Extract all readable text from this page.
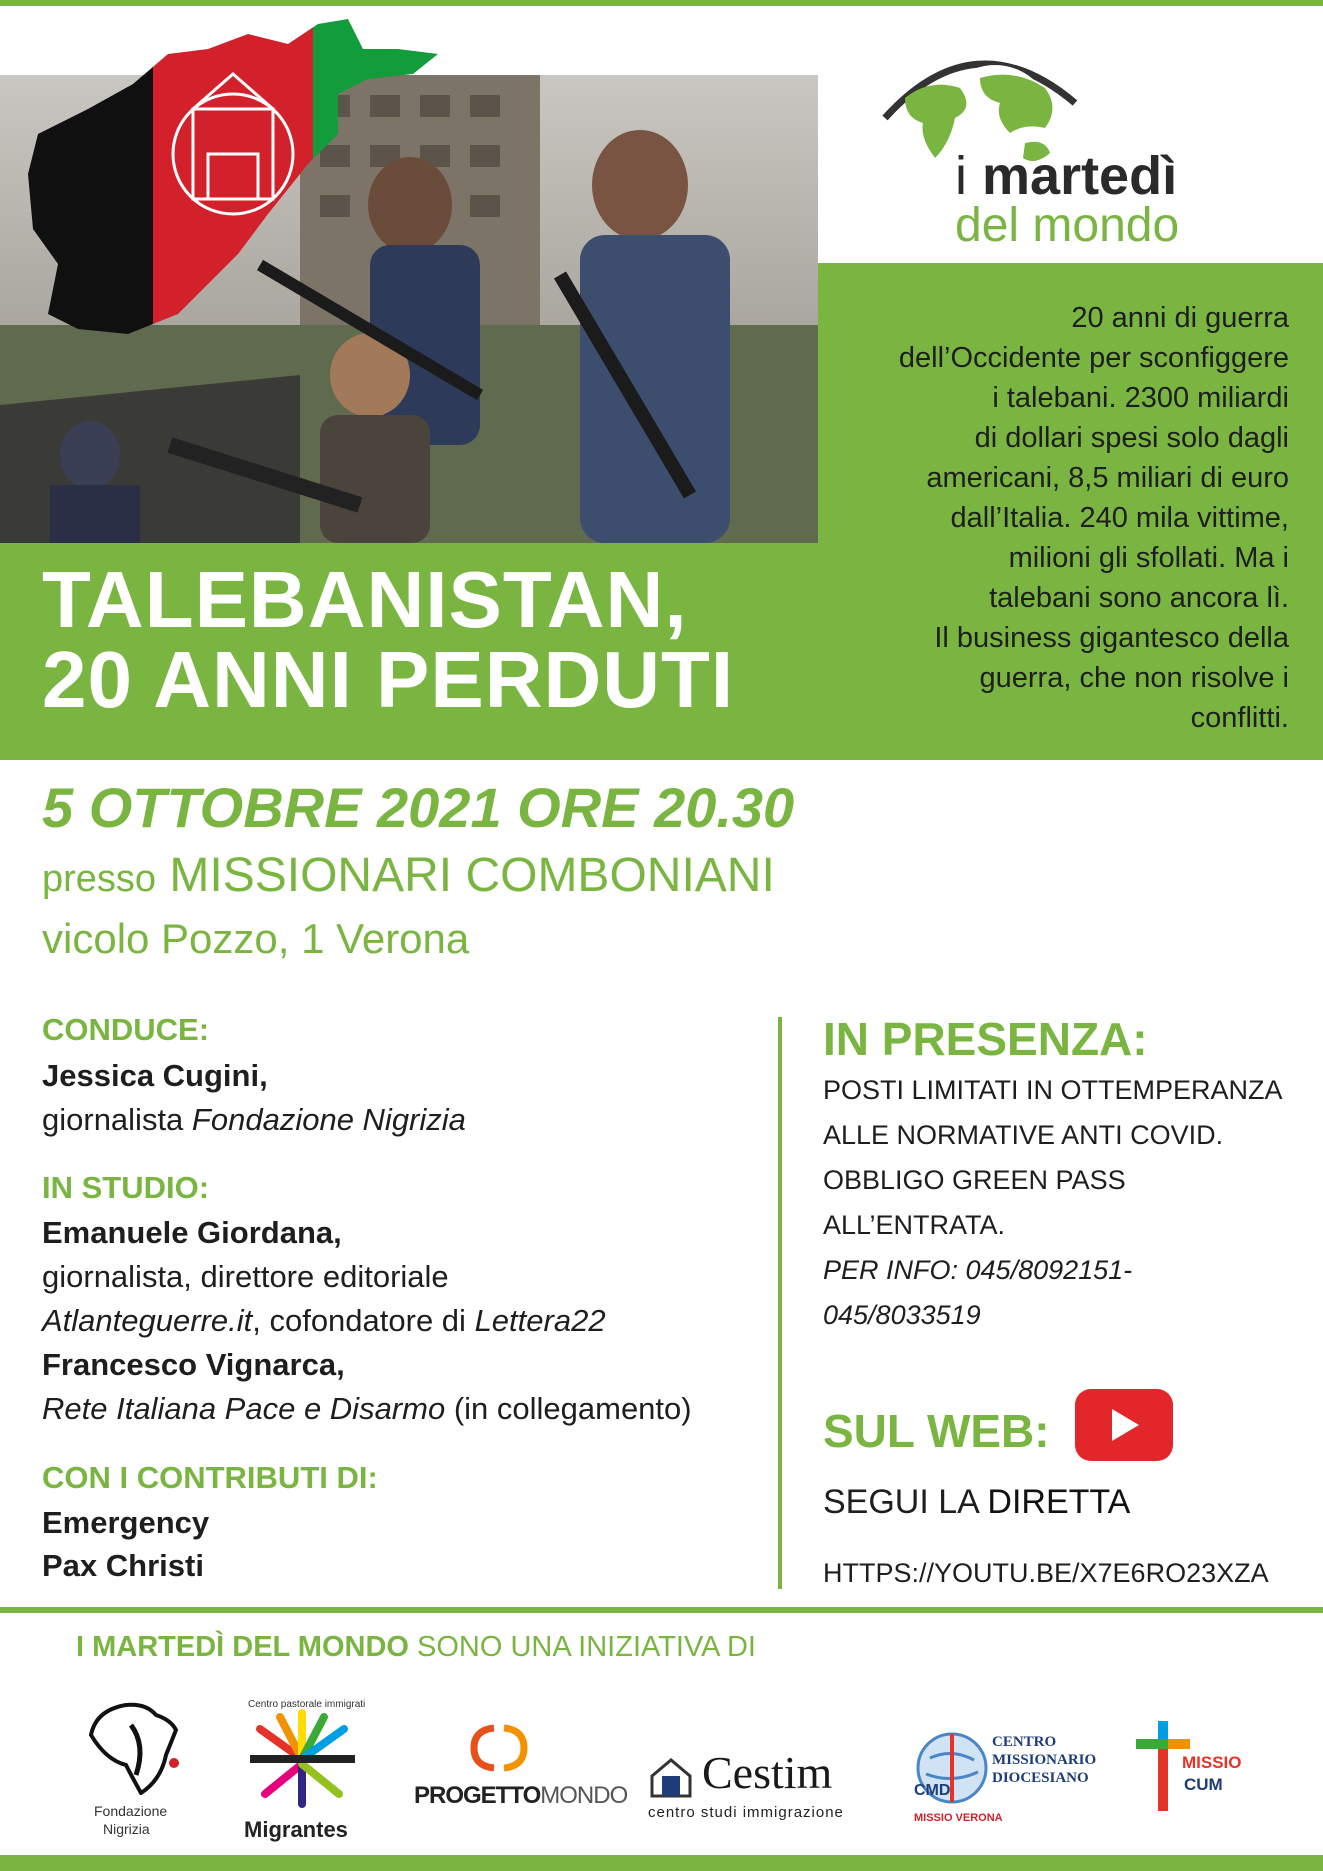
i martedì
del mondo
TALEBANISTAN,
20 ANNI PERDUTI
20 anni di guerra
dell’Occidente per sconfiggere
i talebani. 2300 miliardi
di dollari spesi solo dagli
americani, 8,5 miliari di euro
dall’Italia. 240 mila vittime,
milioni gli sfollati. Ma i
talebani sono ancora lì.
Il business gigantesco della
guerra, che non risolve i
conflitti.
5 OTTOBRE 2021 ORE 20.30
presso MISSIONARI COMBONIANI
vicolo Pozzo, 1 Verona
CONDUCE:
Jessica Cugini,
giornalista Fondazione Nigrizia
IN STUDIO:
Emanuele Giordana,
giornalista, direttore editoriale
Atlanteguerre.it, cofondatore di Lettera22
Francesco Vignarca,
Rete Italiana Pace e Disarmo (in collegamento)
CON I CONTRIBUTI DI:
Emergency
Pax Christi
IN PRESENZA:
POSTI LIMITATI IN OTTEMPERANZA
ALLE NORMATIVE ANTI COVID.
OBBLIGO GREEN PASS
ALL’ENTRATA.
PER INFO: 045/8092151-
045/8033519
SUL WEB:
SEGUI LA DIRETTA
HTTPS://YOUTU.BE/X7E6RO23XZA
I MARTEDÌ DEL MONDO SONO UNA INIZIATIVA DI
Fondazione
Nigrizia
Centro pastorale immigrati
Migrantes
PROGETTOMONDO Cestim
centro studi immigrazione
CMD
CENTRO
MISSIONARIO
DIOCESIANO
MISSIO VERONA
MISSIO
CUM
